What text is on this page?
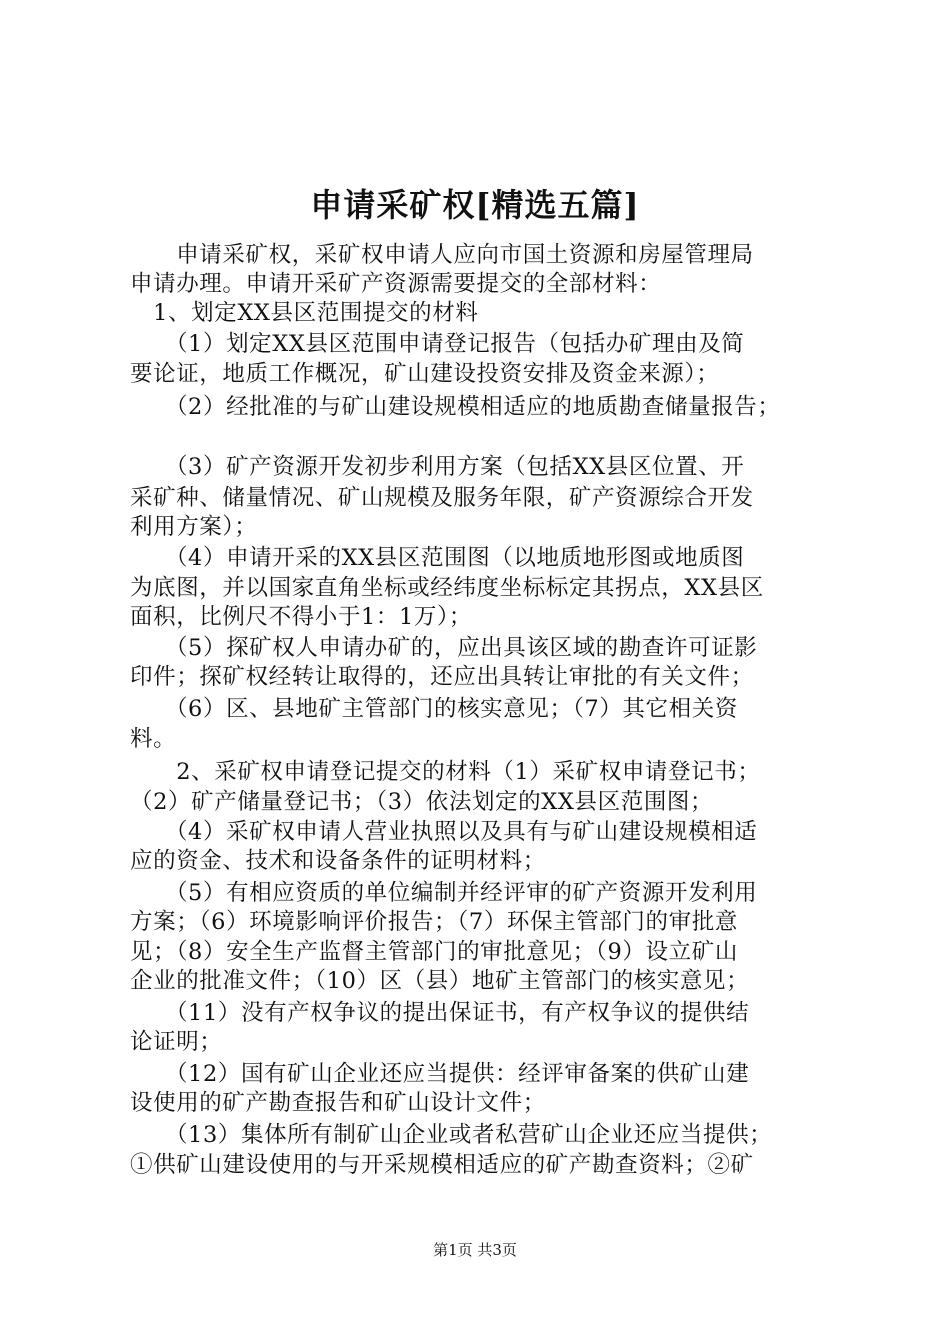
申请采矿权[精选五篇]
　　申请采矿权，采矿权申请人应向市国土资源和房屋管理局
申请办理。申请开采矿产资源需要提交的全部材料：
　1、划定XX县区范围提交的材料
　　（1）划定XX县区范围申请登记报告（包括办矿理由及简
要论证，地质工作概况，矿山建设投资安排及资金来源）；
　　（2）经批准的与矿山建设规模相适应的地质勘查储量报告；
　　（3）矿产资源开发初步利用方案（包括XX县区位置、开
采矿种、储量情况、矿山规模及服务年限，矿产资源综合开发
利用方案）；
　　（4）申请开采的XX县区范围图（以地质地形图或地质图
为底图，并以国家直角坐标或经纬度坐标标定其拐点，XX县区
面积，比例尺不得小于1：1万）；
　　（5）探矿权人申请办矿的，应出具该区域的勘查许可证影
印件；探矿权经转让取得的，还应出具转让审批的有关文件；
　　（6）区、县地矿主管部门的核实意见；（7）其它相关资
料。
　　2、采矿权申请登记提交的材料（1）采矿权申请登记书；
（2）矿产储量登记书；（3）依法划定的XX县区范围图；
　　（4）采矿权申请人营业执照以及具有与矿山建设规模相适
应的资金、技术和设备条件的证明材料；
　　（5）有相应资质的单位编制并经评审的矿产资源开发利用
方案；（6）环境影响评价报告；（7）环保主管部门的审批意
见；（8）安全生产监督主管部门的审批意见；（9）设立矿山
企业的批准文件；（10）区（县）地矿主管部门的核实意见；
　　（11）没有产权争议的提出保证书，有产权争议的提供结
论证明；
　　（12）国有矿山企业还应当提供：经评审备案的供矿山建
设使用的矿产勘查报告和矿山设计文件；
　　（13）集体所有制矿山企业或者私营矿山企业还应当提供；
①供矿山建设使用的与开采规模相适应的矿产勘查资料；②矿
第1页 共3页
